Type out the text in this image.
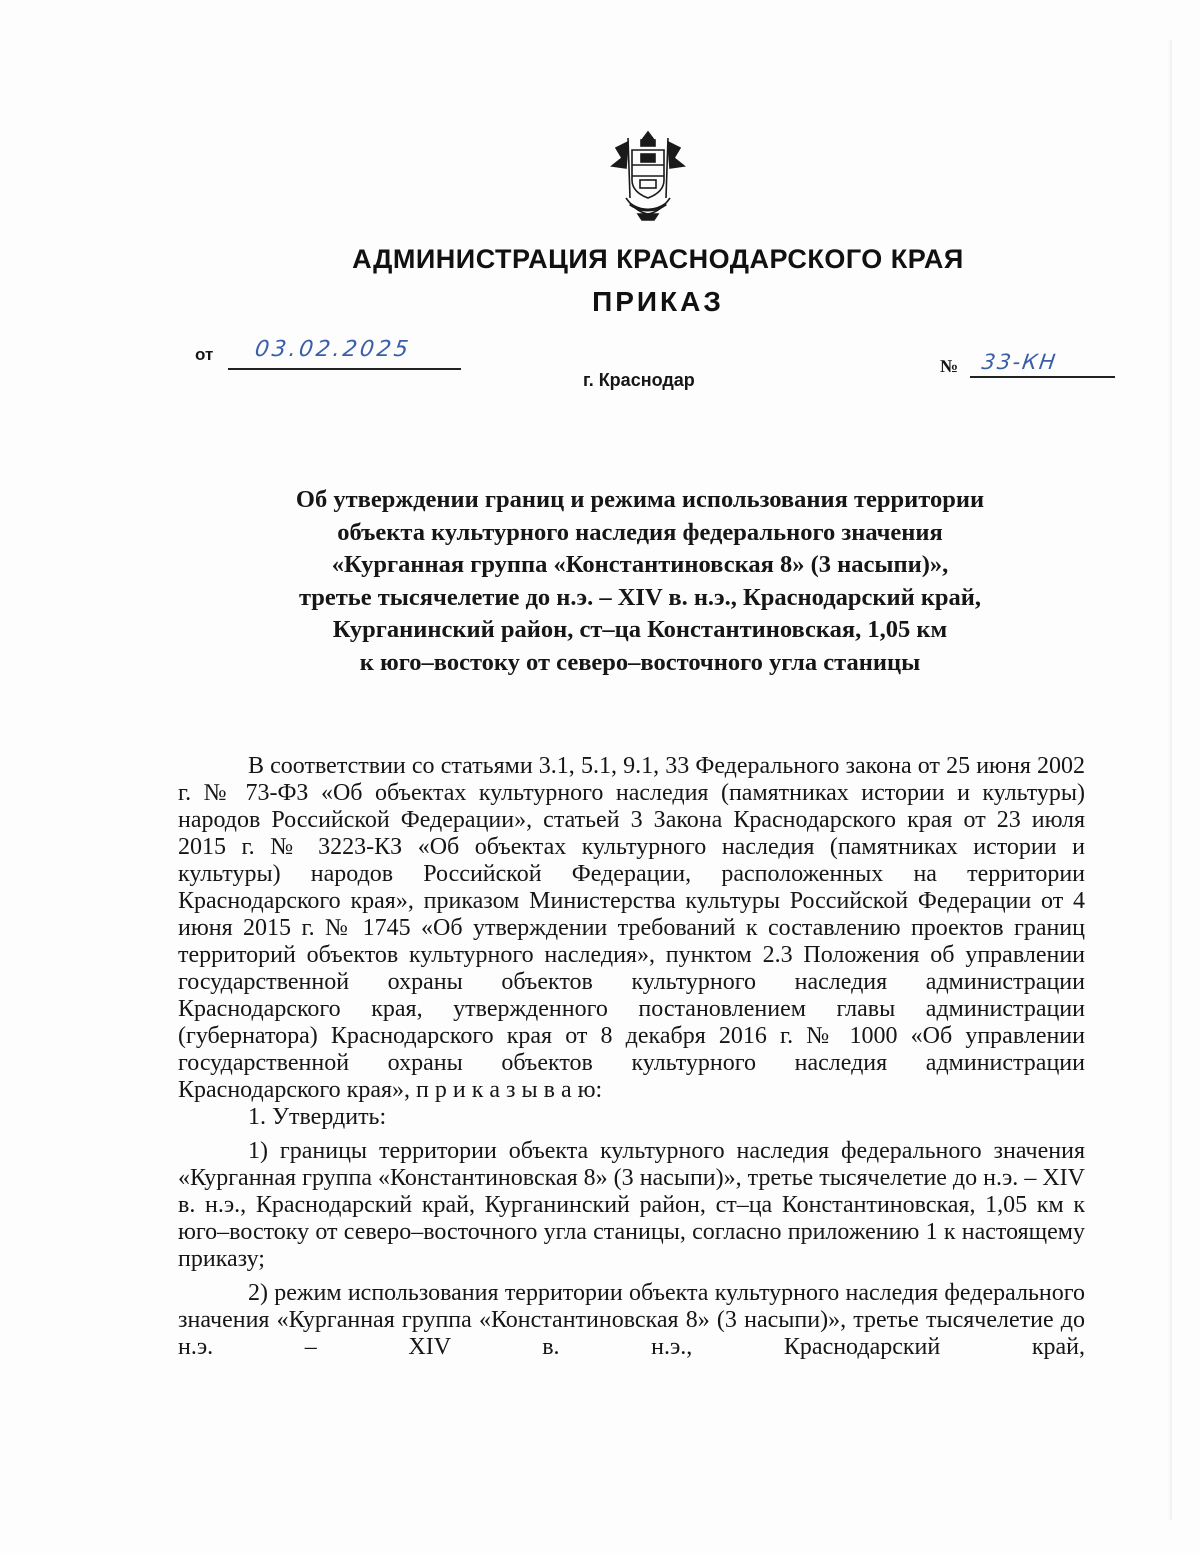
АДМИНИСТРАЦИЯ КРАСНОДАРСКОГО КРАЯ
ПРИКАЗ
от 03.02.2025
г. Краснодар
№ 33-КН
Об утверждении границ и режима использования территории
объекта культурного наследия федерального значения
«Курганная группа «Константиновская 8» (3 насыпи)»,
третье тысячелетие до н.э. – XIV в. н.э., Краснодарский край,
Курганинский район, ст–ца Константиновская, 1,05 км
к юго–востоку от северо–восточного угла станицы
В соответствии со статьями 3.1, 5.1, 9.1, 33 Федерального закона от 25 июня 2002 г. № 73-ФЗ «Об объектах культурного наследия (памятниках истории и культуры) народов Российской Федерации», статьей 3 Закона Краснодарского края от 23 июля 2015 г. № 3223-КЗ «Об объектах культурного наследия (памятниках истории и культуры) народов Российской Федерации, расположенных на территории Краснодарского края», приказом Министерства культуры Российской Федерации от 4 июня 2015 г. № 1745 «Об утверждении требований к составлению проектов границ территорий объектов культурного наследия», пунктом 2.3 Положения об управлении государственной охраны объектов культурного наследия администрации Краснодарского края, утвержденного постановлением главы администрации (губернатора) Краснодарского края от 8 декабря 2016 г. № 1000 «Об управлении государственной охраны объектов культурного наследия администрации Краснодарского края», п р и к а з ы в а ю:
1. Утвердить:
1) границы территории объекта культурного наследия федерального значения «Курганная группа «Константиновская 8» (3 насыпи)», третье тысячелетие до н.э. – XIV в. н.э., Краснодарский край, Курганинский район, ст–ца Константиновская, 1,05 км к юго–востоку от северо–восточного угла станицы, согласно приложению 1 к настоящему приказу;
2) режим использования территории объекта культурного наследия федерального значения «Курганная группа «Константиновская 8» (3 насыпи)», третье тысячелетие до н.э. – XIV в. н.э., Краснодарский край,
